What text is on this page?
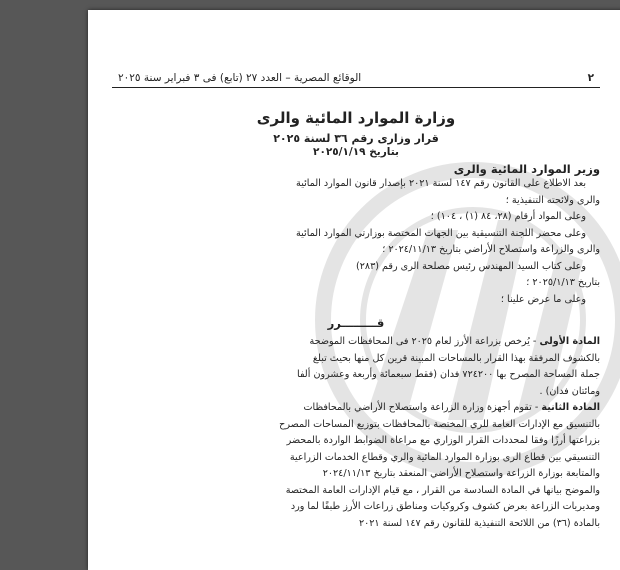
٢
الوقائع المصرية – العدد ٢٧ (تابع) فى ٣ فبراير سنة ٢٠٢٥
وزارة الموارد المائية والرى
قرار وزارى رقم ٣٦ لسنة ٢٠٢٥
بتاريخ ٢٠٢٥/١/١٩
وزير الموارد المائية والرى

بعد الاطلاع على القانون رقم ١٤٧ لسنة ٢٠٢١ بإصدار قانون الموارد المائية

والرى ولائحته التنفيذية ؛

وعلى المواد أرقام (٢٨، ٨٤ (١) ، ١٠٤) ؛

وعلى محضر اللجنة التنسيقية بين الجهات المختصة بوزارتي الموارد المائية

والرى والزراعة واستصلاح الأراضي بتاريخ ٢٠٢٤/١١/١٣ ؛

وعلى كتاب السيد المهندس رئيس مصلحة الرى رقم (٢٨٣)

بتاريخ ٢٠٢٥/١/١٣ ؛

وعلى ما عرض علينا ؛

قـــــــــرر

المادة الأولى - يُرخص بزراعة الأرز لعام ٢٠٢٥ فى المحافظات الموضحة

بالكشوف المرفقة بهذا القرار بالمساحات المبينة قرين كل منها بحيث تبلغ

جملة المساحة المصرح بها ٧٢٤٢٠٠ فدان (فقط سبعمائة وأربعة وعشرون ألفا

ومائتان فدان) .

المادة الثانية - تقوم أجهزة وزارة الزراعة واستصلاح الأراضي بالمحافظات

بالتنسيق مع الإدارات العامة للري المختصة بالمحافظات بتوزيع المساحات المصرح

بزراعتها أرزًا وفقا لمحددات القرار الوزاري مع مراعاة الضوابط الواردة بالمحضر

التنسيقي بين قطاع الرى بوزارة الموارد المائية والري وقطاع الخدمات الزراعية

والمتابعة بوزارة الزراعة واستصلاح الأراضي المنعقد بتاريخ ٢٠٢٤/١١/١٣

والموضح بيانها في المادة السادسة من القرار ، مع قيام الإدارات العامة المختصة

ومديريات الزراعة بعرض كشوف وكروكيات ومناطق زراعات الأرز طبقًا لما ورد

بالمادة (٣٦) من اللائحة التنفيذية للقانون رقم ١٤٧ لسنة ٢٠٢١
